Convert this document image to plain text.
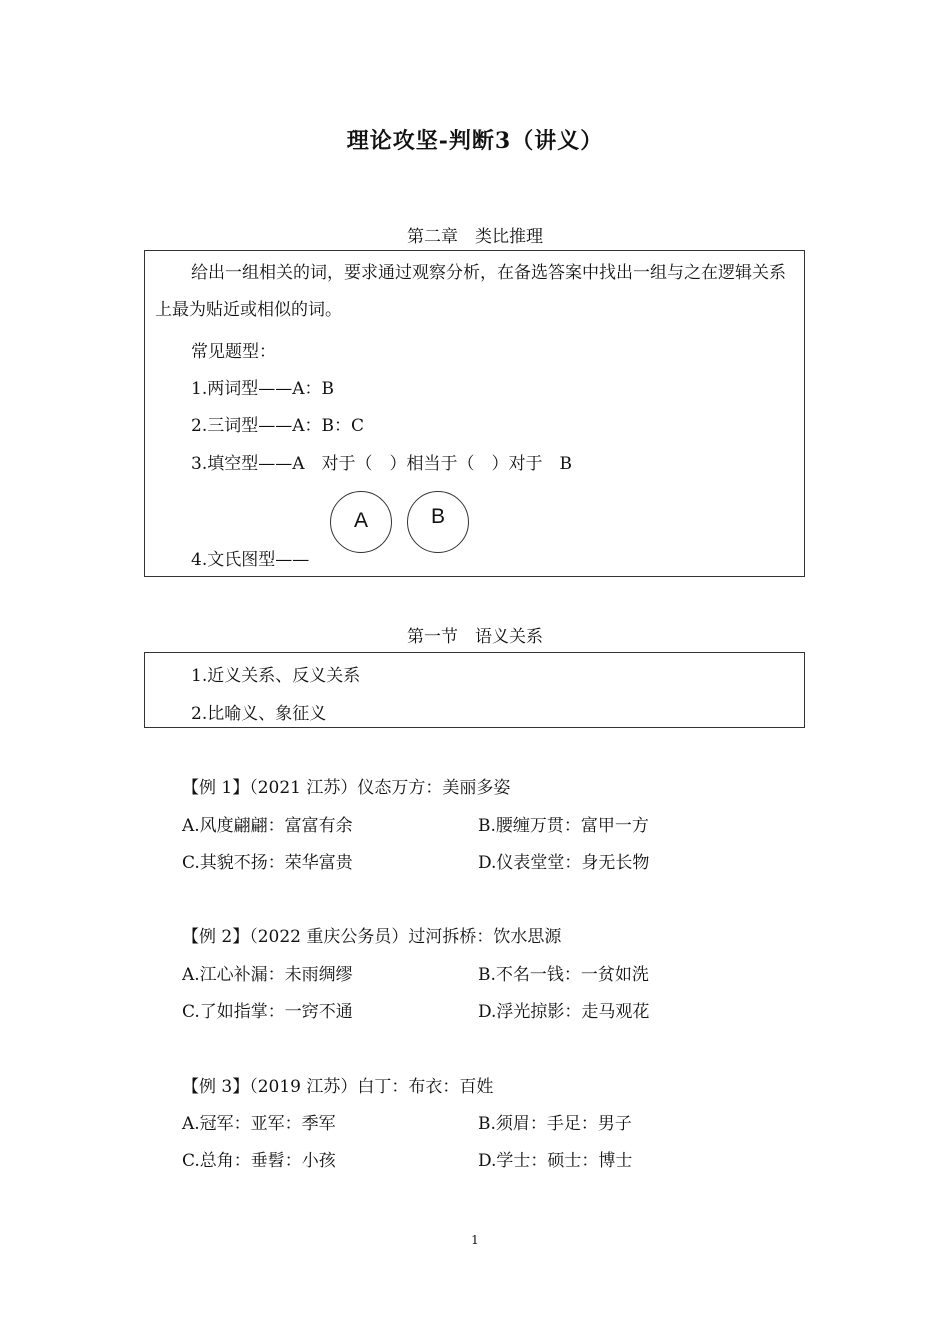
理论攻坚-判断3（讲义）
第二章　类比推理
给出一组相关的词，要求通过观察分析，在备选答案中找出一组与之在逻辑关系上最为贴近或相似的词。
常见题型：
1.两词型——A：B
2.三词型——A：B：C
3.填空型——A　对于（　）相当于（　）对于　B
4.文氏图型——
A	B
第一节　语义关系
1.近义关系、反义关系
2.比喻义、象征义
【例 1】（2021 江苏）仪态万方：美丽多姿
A.风度翩翩：富富有余	B.腰缠万贯：富甲一方
C.其貌不扬：荣华富贵	D.仪表堂堂：身无长物
【例 2】（2022 重庆公务员）过河拆桥：饮水思源
A.江心补漏：未雨绸缪	B.不名一钱：一贫如洗
C.了如指掌：一窍不通	D.浮光掠影：走马观花
【例 3】（2019 江苏）白丁：布衣：百姓
A.冠军：亚军：季军	B.须眉：手足：男子
C.总角：垂髫：小孩	D.学士：硕士：博士
1
